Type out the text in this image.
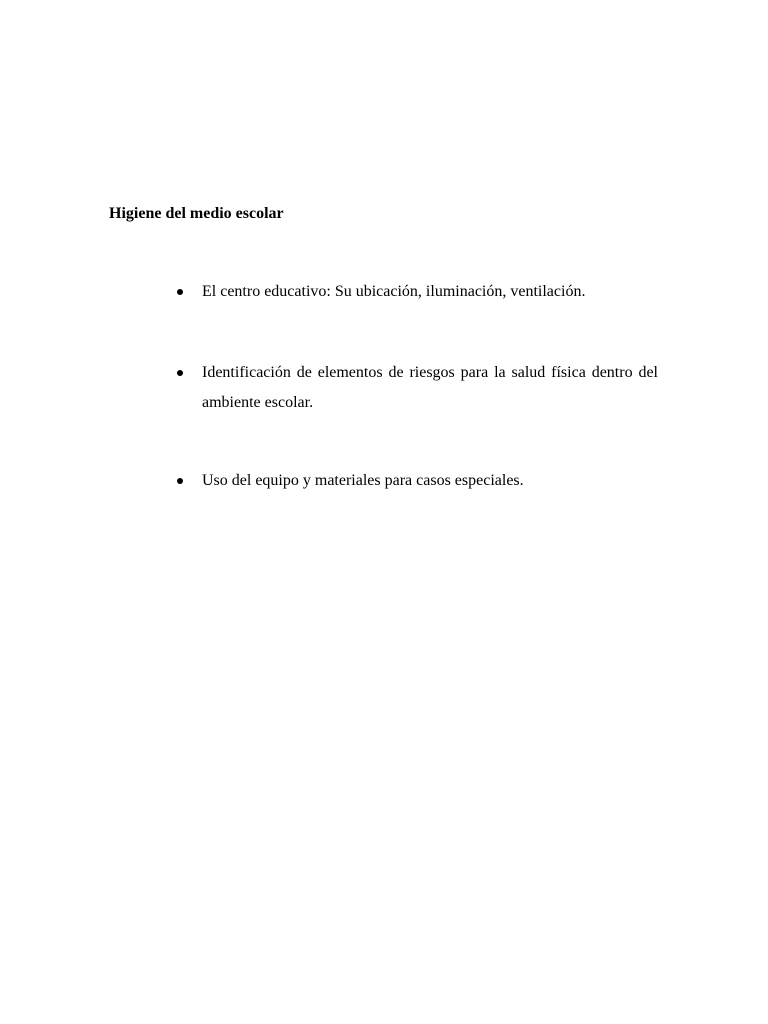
Higiene del medio escolar
El centro educativo: Su ubicación, iluminación, ventilación.
Identificación de elementos de riesgos para la salud física dentro del ambiente escolar.
Uso del equipo y materiales para casos especiales.
